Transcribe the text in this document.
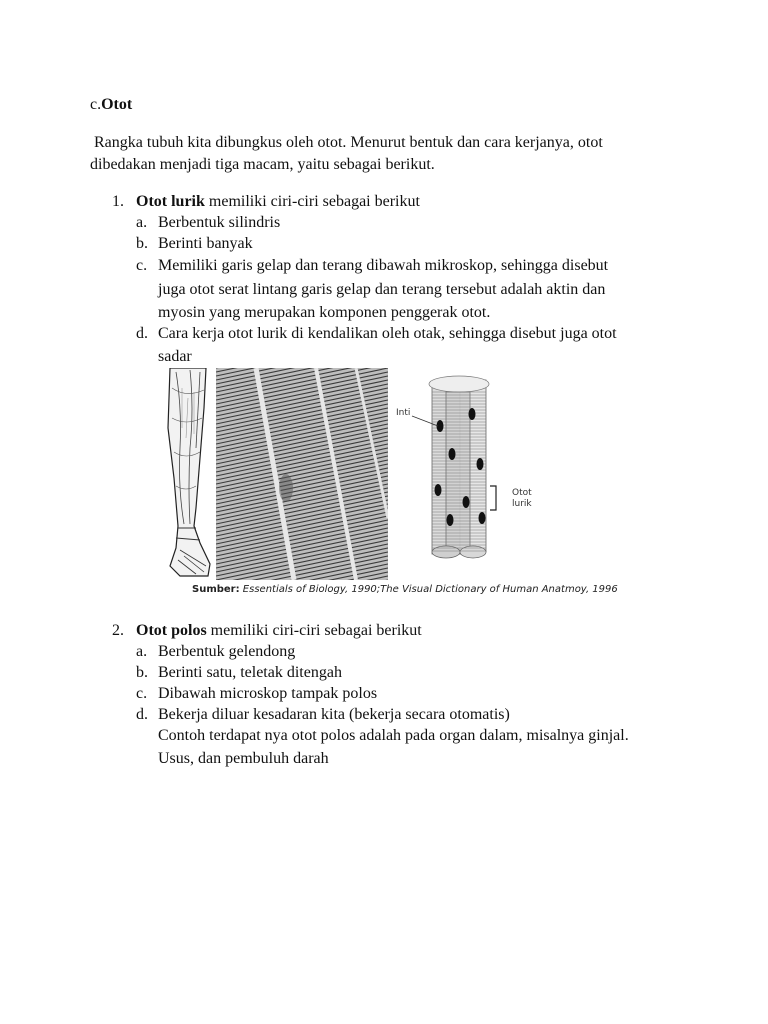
c.Otot
Rangka tubuh kita dibungkus oleh otot. Menurut bentuk dan cara kerjanya, otot
dibedakan menjadi tiga macam, yaitu sebagai berikut.
1. Otot lurik memiliki ciri-ciri sebagai berikut
a. Berbentuk silindris
b. Berinti banyak
c. Memiliki garis gelap dan terang dibawah mikroskop, sehingga disebut
juga otot serat lintang garis gelap dan terang tersebut adalah aktin dan
myosin yang merupakan komponen penggerak otot.
d. Cara kerja otot lurik di kendalikan oleh otak, sehingga disebut juga otot
sadar
Inti
Otot
lurik
Sumber: Essentials of Biology, 1990;The Visual Dictionary of Human Anatmoy, 1996
2. Otot polos memiliki ciri-ciri sebagai berikut
a. Berbentuk gelendong
b. Berinti satu, teletak ditengah
c. Dibawah microskop tampak polos
d. Bekerja diluar kesadaran kita (bekerja secara otomatis)
Contoh terdapat nya otot polos adalah pada organ dalam, misalnya ginjal.
Usus, dan pembuluh darah
